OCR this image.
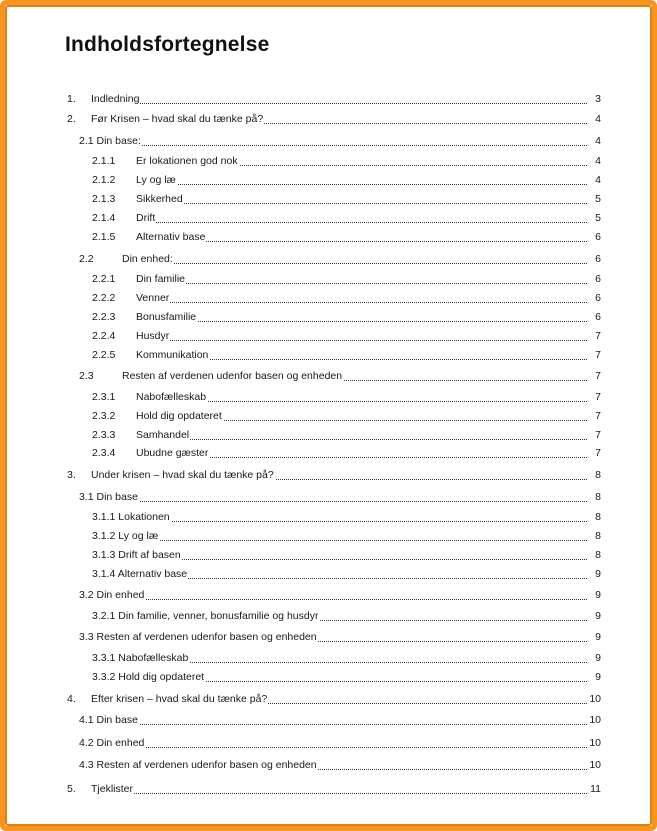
Indholdsfortegnelse
1. Indledning	3
2. Før Krisen – hvad skal du tænke på?	4
2.1 Din base:	4
2.1.1 Er lokationen god nok	4
2.1.2 Ly og læ	4
2.1.3 Sikkerhed	5
2.1.4 Drift	5
2.1.5 Alternativ base	6
2.2	Din enhed:	6
2.2.1 Din familie	6
2.2.2 Venner	6
2.2.3 Bonusfamilie	6
2.2.4 Husdyr	7
2.2.5 Kommunikation	7
2.3	Resten af verdenen udenfor basen og enheden	7
2.3.1 Nabofælleskab	7
2.3.2 Hold dig opdateret	7
2.3.3 Samhandel	7
2.3.4 Ubudne gæster	7
3. Under krisen – hvad skal du tænke på?	8
3.1 Din base	8
3.1.1 Lokationen	8
3.1.2 Ly og læ	8
3.1.3 Drift af basen	8
3.1.4 Alternativ base	9
3.2 Din enhed	9
3.2.1 Din familie, venner, bonusfamilie og husdyr	9
3.3 Resten af verdenen udenfor basen og enheden	9
3.3.1 Nabofælleskab	9
3.3.2 Hold dig opdateret	9
4. Efter krisen – hvad skal du tænke på?	10
4.1 Din base	10
4.2 Din enhed	10
4.3 Resten af verdenen udenfor basen og enheden	10
5. Tjeklister	11
